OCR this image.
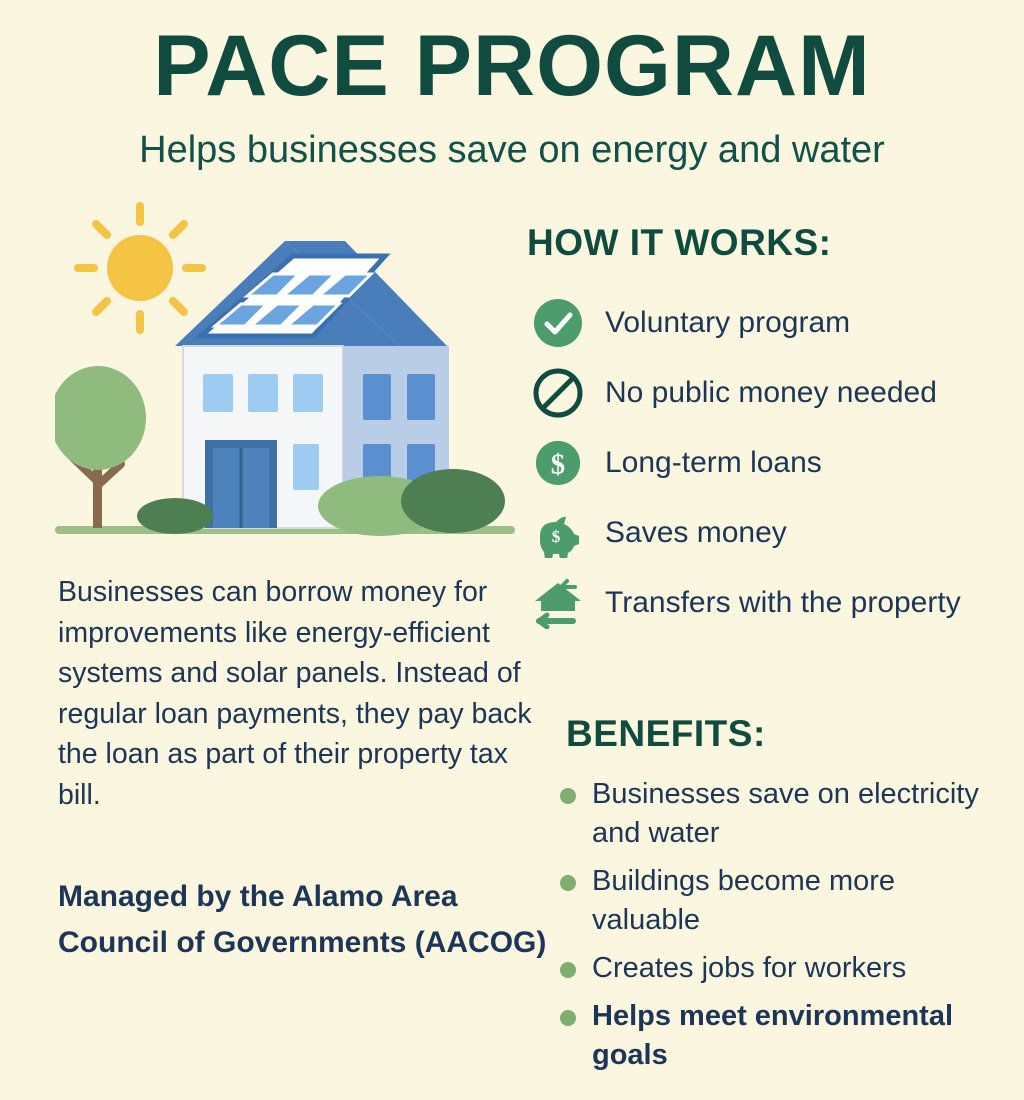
PACE PROGRAM
Helps businesses save on energy and water
Businesses can borrow money for improvements like energy-efficient systems and solar panels. Instead of regular loan payments, they pay back the loan as part of their property tax bill.
Managed by the Alamo Area Council of Governments (AACOG)
HOW IT WORKS:
Voluntary program
No public money needed
$	Long-term loans
$	Saves money
Transfers with the property
BENEFITS:
Businesses save on electricity and water
Buildings become more valuable
Creates jobs for workers
Helps meet environmental goals
